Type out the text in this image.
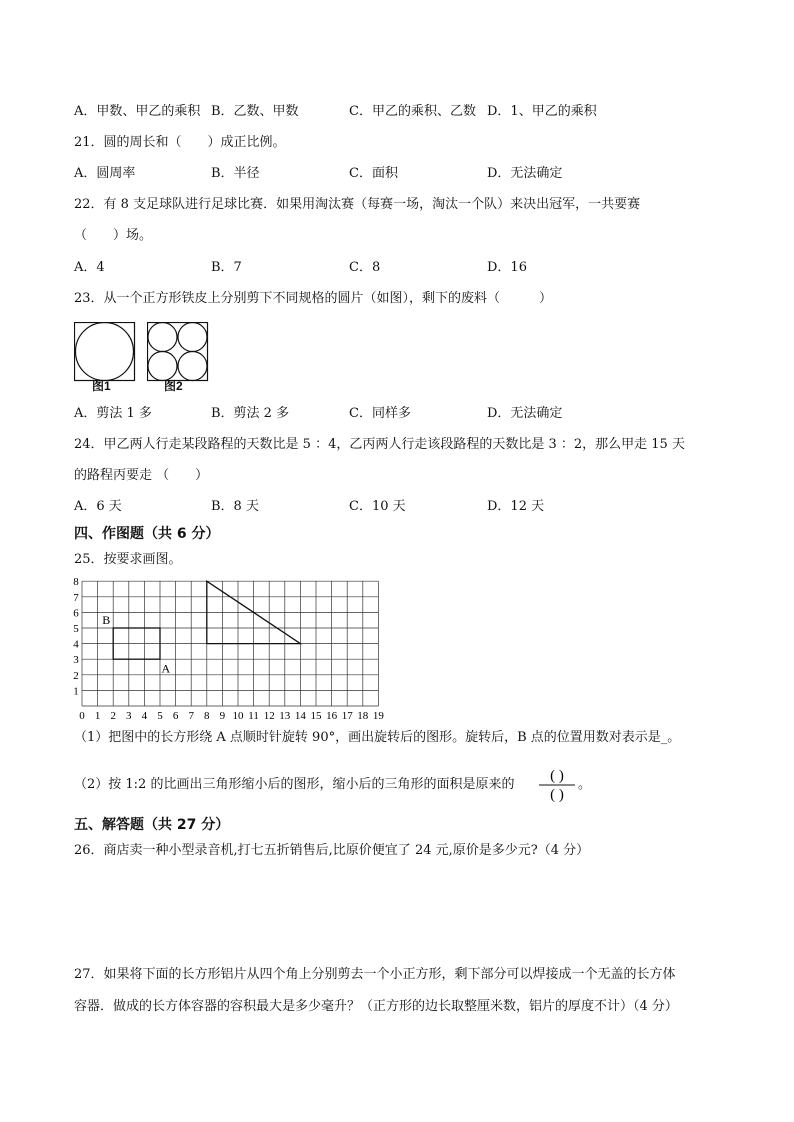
A．甲数、甲乙的乘积 B．乙数、甲数	C．甲乙的乘积、乙数 D．1、甲乙的乘积
21．圆的周长和（　　）成正比例。
A．圆周率	B．半径	C．面积	D．无法确定
22．有 8 支足球队进行足球比赛．如果用淘汰赛（每赛一场，淘汰一个队）来决出冠军，一共要赛
（　　）场。
A．4	B．7	C．8	D．16
23．从一个正方形铁皮上分别剪下不同规格的圆片（如图），剩下的废料（　　　）
图1	图2
A．剪法 1 多	B．剪法 2 多	C．同样多	D．无法确定
24．甲乙两人行走某段路程的天数比是 5 ：4，乙丙两人行走该段路程的天数比是 3 ：2，那么甲走 15 天
的路程丙要走 （　　）
A．6 天	B．8 天	C．10 天	D．12 天
四、作图题（共 6 分）
25．按要求画图。
0 1 2 3 4 5 6 7 8 9 10 11 12 13 14 15 16 17 18 19
1
2
3
4
5
6
7
8
B
A
（1）把图中的长方形绕 A 点顺时针旋转 90°，画出旋转后的图形。旋转后，B 点的位置用数对表示是_。
（2）按 1:2 的比画出三角形缩小后的图形，缩小后的三角形的面积是原来的
( )
( )
。
五、解答题（共 27 分）
26．商店卖一种小型录音机,打七五折销售后,比原价便宜了 24 元,原价是多少元?（4 分）
27．如果将下面的长方形铝片从四个角上分别剪去一个小正方形，剩下部分可以焊接成一个无盖的长方体
容器．做成的长方体容器的容积最大是多少毫升？（正方形的边长取整厘米数，铝片的厚度不计）（4 分）
